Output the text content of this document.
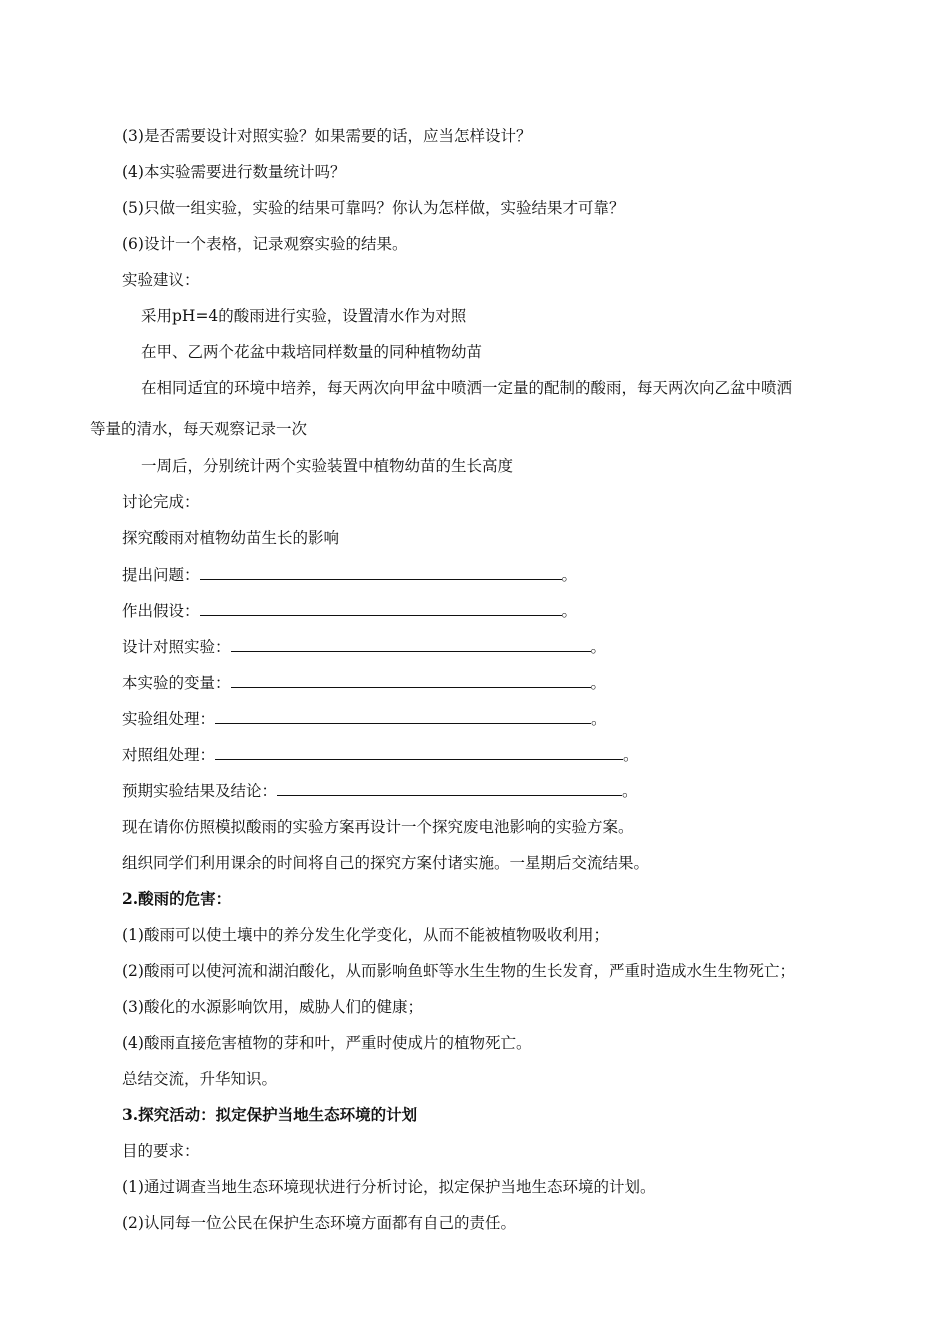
(3)是否需要设计对照实验？如果需要的话，应当怎样设计？
(4)本实验需要进行数量统计吗？
(5)只做一组实验，实验的结果可靠吗？你认为怎样做，实验结果才可靠？
(6)设计一个表格，记录观察实验的结果。
实验建议：
采用pH=4的酸雨进行实验，设置清水作为对照
在甲、乙两个花盆中栽培同样数量的同种植物幼苗
在相同适宜的环境中培养，每天两次向甲盆中喷洒一定量的配制的酸雨，每天两次向乙盆中喷洒
等量的清水，每天观察记录一次
一周后，分别统计两个实验装置中植物幼苗的生长高度
讨论完成：
探究酸雨对植物幼苗生长的影响
提出问题：	。
作出假设：	。
设计对照实验：	。
本实验的变量：	。
实验组处理：	。
对照组处理：	。
预期实验结果及结论：	。
现在请你仿照模拟酸雨的实验方案再设计一个探究废电池影响的实验方案。
组织同学们利用课余的时间将自己的探究方案付诸实施。一星期后交流结果。
2.酸雨的危害：
(1)酸雨可以使土壤中的养分发生化学变化，从而不能被植物吸收利用；
(2)酸雨可以使河流和湖泊酸化，从而影响鱼虾等水生生物的生长发育，严重时造成水生生物死亡；
(3)酸化的水源影响饮用，威胁人们的健康；
(4)酸雨直接危害植物的芽和叶，严重时使成片的植物死亡。
总结交流，升华知识。
3.探究活动：拟定保护当地生态环境的计划
目的要求：
(1)通过调查当地生态环境现状进行分析讨论，拟定保护当地生态环境的计划。
(2)认同每一位公民在保护生态环境方面都有自己的责任。
